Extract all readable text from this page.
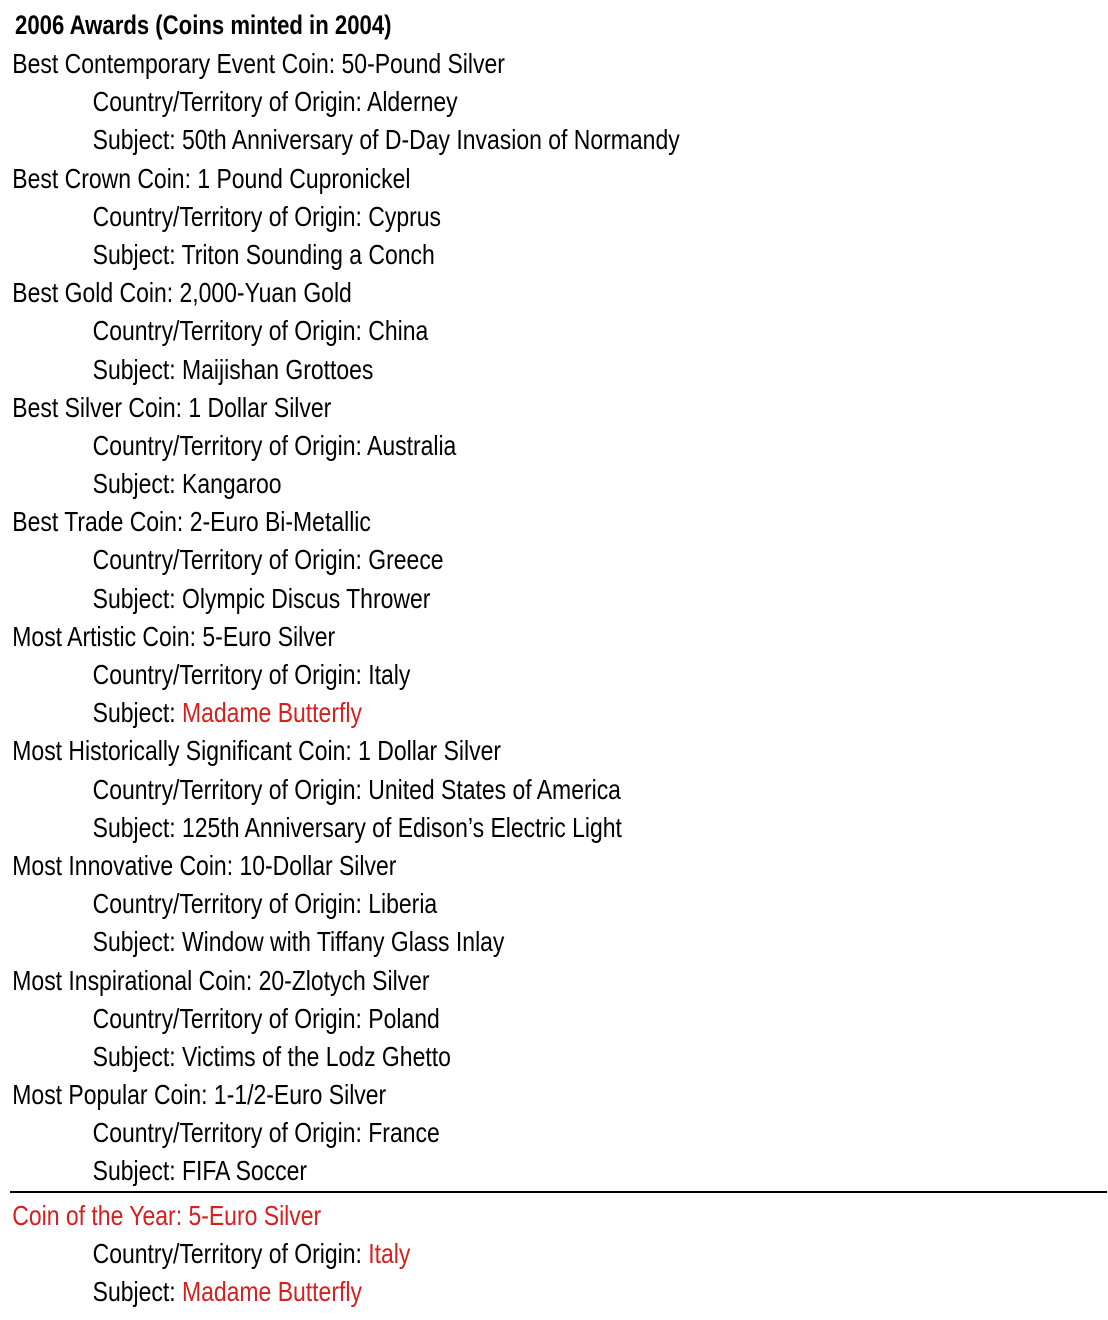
2006 Awards (Coins minted in 2004)
Best Contemporary Event Coin: 50-Pound Silver
Country/Territory of Origin: Alderney
Subject: 50th Anniversary of D-Day Invasion of Normandy
Best Crown Coin: 1 Pound Cupronickel
Country/Territory of Origin: Cyprus
Subject: Triton Sounding a Conch
Best Gold Coin: 2,000-Yuan Gold
Country/Territory of Origin: China
Subject: Maijishan Grottoes
Best Silver Coin: 1 Dollar Silver
Country/Territory of Origin: Australia
Subject: Kangaroo
Best Trade Coin: 2-Euro Bi-Metallic
Country/Territory of Origin: Greece
Subject: Olympic Discus Thrower
Most Artistic Coin: 5-Euro Silver
Country/Territory of Origin: Italy
Subject: Madame Butterfly
Most Historically Significant Coin: 1 Dollar Silver
Country/Territory of Origin: United States of America
Subject: 125th Anniversary of Edison’s Electric Light
Most Innovative Coin: 10-Dollar Silver
Country/Territory of Origin: Liberia
Subject: Window with Tiffany Glass Inlay
Most Inspirational Coin: 20-Zlotych Silver
Country/Territory of Origin: Poland
Subject: Victims of the Lodz Ghetto
Most Popular Coin: 1-1/2-Euro Silver
Country/Territory of Origin: France
Subject: FIFA Soccer
Coin of the Year: 5-Euro Silver
Country/Territory of Origin: Italy
Subject: Madame Butterfly
